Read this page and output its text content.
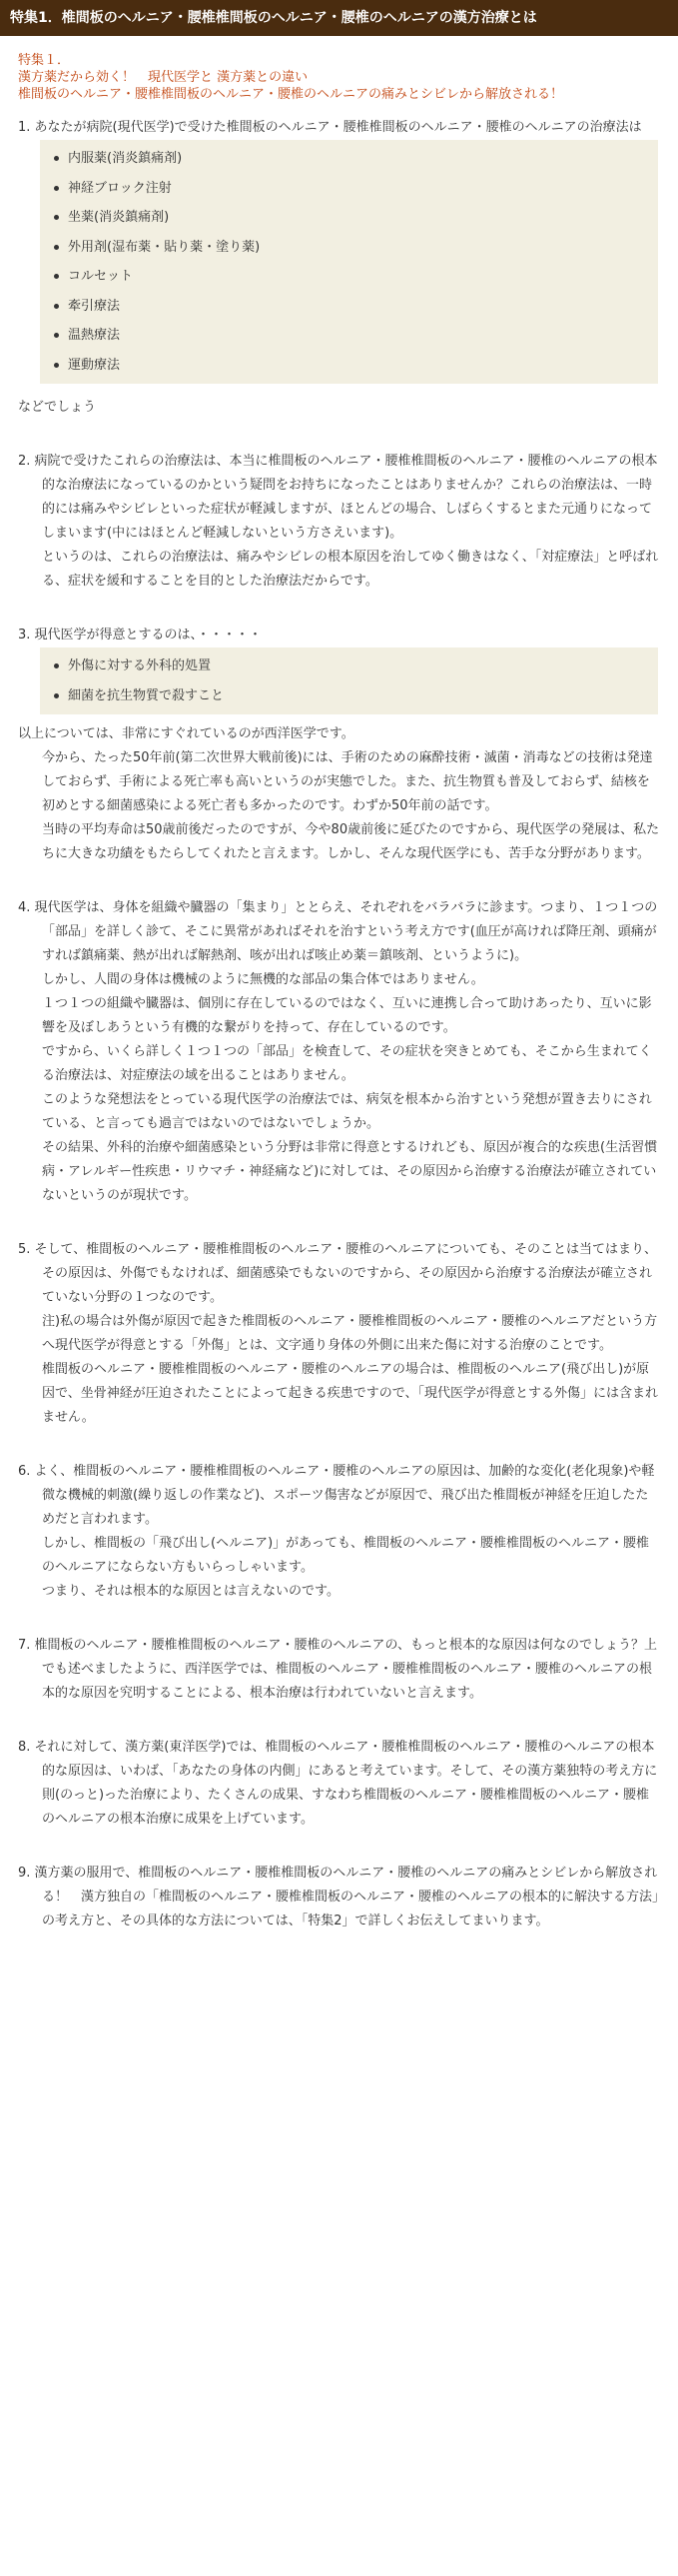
特集1．椎間板のヘルニア・腰椎椎間板のヘルニア・腰椎のヘルニアの漢方治療とは
特集１．
漢方薬だから効く！　現代医学と 漢方薬との違い
椎間板のヘルニア・腰椎椎間板のヘルニア・腰椎のヘルニアの痛みとシビレから解放される！

1. あなたが病院(現代医学)で受けた椎間板のヘルニア・腰椎椎間板のヘルニア・腰椎のヘルニアの治療法は

内服薬(消炎鎮痛剤)
神経ブロック注射
坐薬(消炎鎮痛剤)
外用剤(湿布薬・貼り薬・塗り薬)
コルセット
牽引療法
温熱療法
運動療法
などでしょう

2. 病院で受けたこれらの治療法は、本当に椎間板のヘルニア・腰椎椎間板のヘルニア・腰椎のヘルニアの根本的な治療法になっているのかという疑問をお持ちになったことはありませんか？これらの治療法は、一時的には痛みやシビレといった症状が軽減しますが、ほとんどの場合、しばらくするとまた元通りになってしまいます(中にはほとんど軽減しないという方さえいます)。

というのは、これらの治療法は、痛みやシビレの根本原因を治してゆく働きはなく、「対症療法」と呼ばれる、症状を緩和することを目的とした治療法だからです。

3. 現代医学が得意とするのは、・・・・・

外傷に対する外科的処置
細菌を抗生物質で殺すこと

以上については、非常にすぐれているのが西洋医学です。

今から、たった50年前(第二次世界大戦前後)には、手術のための麻酔技術・滅菌・消毒などの技術は発達しておらず、手術による死亡率も高いというのが実態でした。また、抗生物質も普及しておらず、結核を初めとする細菌感染による死亡者も多かったのです。わずか50年前の話です。

当時の平均寿命は50歳前後だったのですが、今や80歳前後に延びたのですから、現代医学の発展は、私たちに大きな功績をもたらしてくれたと言えます。しかし、そんな現代医学にも、苦手な分野があります。

4. 現代医学は、身体を組織や臓器の「集まり」ととらえ、それぞれをバラバラに診ます。つまり、１つ１つの「部品」を詳しく診て、そこに異常があればそれを治すという考え方です(血圧が高ければ降圧剤、頭痛がすれば鎮痛薬、熱が出れば解熱剤、咳が出れば咳止め薬＝鎮咳剤、というように)。

しかし、人間の身体は機械のように無機的な部品の集合体ではありません。

１つ１つの組織や臓器は、個別に存在しているのではなく、互いに連携し合って助けあったり、互いに影響を及ぼしあうという有機的な繋がりを持って、存在しているのです。

ですから、いくら詳しく１つ１つの「部品」を検査して、その症状を突きとめても、そこから生まれてくる治療法は、対症療法の域を出ることはありません。

このような発想法をとっている現代医学の治療法では、病気を根本から治すという発想が置き去りにされている、と言っても過言ではないのではないでしょうか。

その結果、外科的治療や細菌感染という分野は非常に得意とするけれども、原因が複合的な疾患(生活習慣病・アレルギー性疾患・リウマチ・神経痛など)に対しては、その原因から治療する治療法が確立されていないというのが現状です。

5. そして、椎間板のヘルニア・腰椎椎間板のヘルニア・腰椎のヘルニアについても、そのことは当てはまり、その原因は、外傷でもなければ、細菌感染でもないのですから、その原因から治療する治療法が確立されていない分野の１つなのです。

注)私の場合は外傷が原因で起きた椎間板のヘルニア・腰椎椎間板のヘルニア・腰椎のヘルニアだという方へ現代医学が得意とする「外傷」とは、文字通り身体の外側に出来た傷に対する治療のことです。

椎間板のヘルニア・腰椎椎間板のヘルニア・腰椎のヘルニアの場合は、椎間板のヘルニア(飛び出し)が原因で、坐骨神経が圧迫されたことによって起きる疾患ですので、「現代医学が得意とする外傷」には含まれません。

6. よく、椎間板のヘルニア・腰椎椎間板のヘルニア・腰椎のヘルニアの原因は、加齢的な変化(老化現象)や軽微な機械的刺激(繰り返しの作業など)、スポーツ傷害などが原因で、飛び出た椎間板が神経を圧迫したためだと言われます。

しかし、椎間板の「飛び出し(ヘルニア)」があっても、椎間板のヘルニア・腰椎椎間板のヘルニア・腰椎のヘルニアにならない方もいらっしゃいます。

つまり、それは根本的な原因とは言えないのです。

7. 椎間板のヘルニア・腰椎椎間板のヘルニア・腰椎のヘルニアの、もっと根本的な原因は何なのでしょう？上でも述べましたように、西洋医学では、椎間板のヘルニア・腰椎椎間板のヘルニア・腰椎のヘルニアの根本的な原因を究明することによる、根本治療は行われていないと言えます。

8. それに対して、漢方薬(東洋医学)では、椎間板のヘルニア・腰椎椎間板のヘルニア・腰椎のヘルニアの根本的な原因は、いわば、「あなたの身体の内側」にあると考えています。そして、その漢方薬独特の考え方に則(のっと)った治療により、たくさんの成果、すなわち椎間板のヘルニア・腰椎椎間板のヘルニア・腰椎のヘルニアの根本治療に成果を上げています。

9. 漢方薬の服用で、椎間板のヘルニア・腰椎椎間板のヘルニア・腰椎のヘルニアの痛みとシビレから解放される！　漢方独自の「椎間板のヘルニア・腰椎椎間板のヘルニア・腰椎のヘルニアの根本的に解決する方法」の考え方と、その具体的な方法については、「特集2」で詳しくお伝えしてまいります。
